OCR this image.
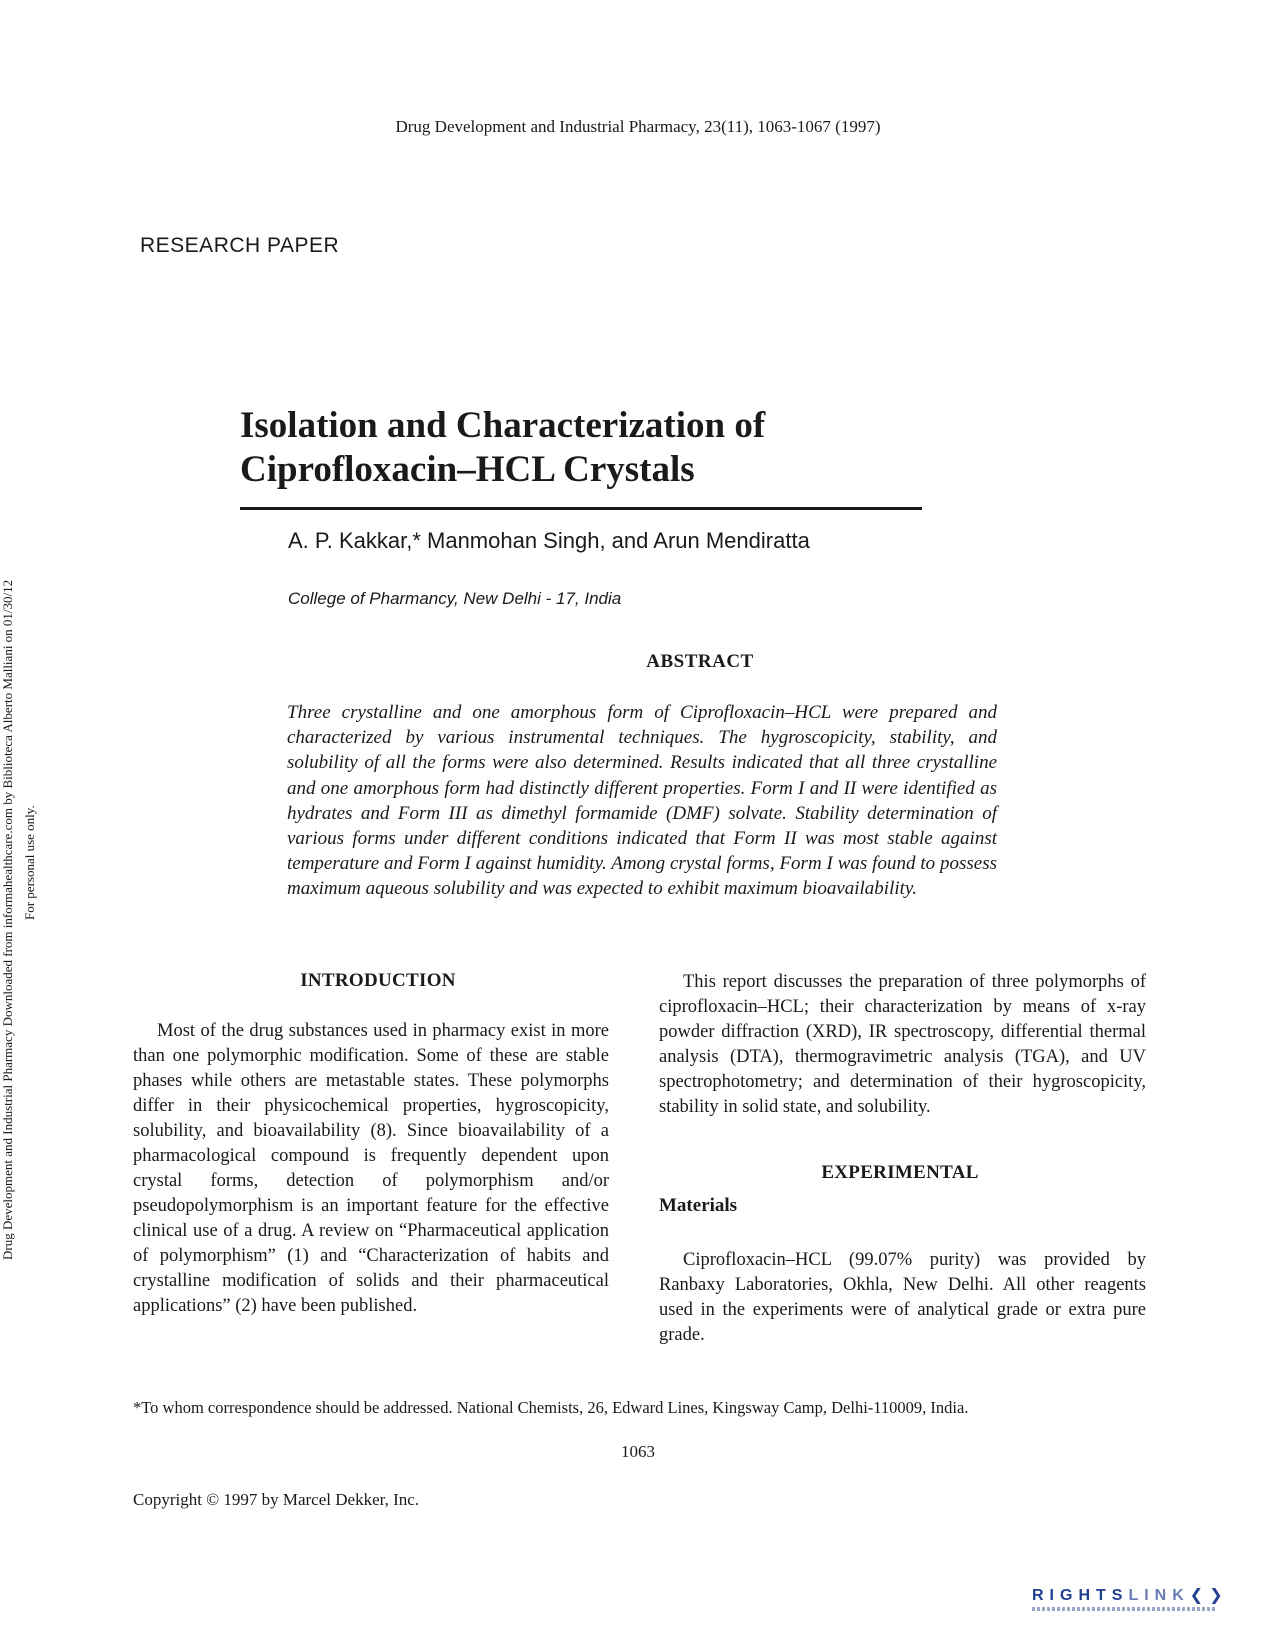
Drug Development and Industrial Pharmacy, 23(11), 1063-1067 (1997)
RESEARCH PAPER
Drug Development and Industrial Pharmacy Downloaded from informahealthcare.com by Biblioteca Alberto Malliani on 01/30/12 For personal use only.
Isolation and Characterization of
Ciprofloxacin–HCL Crystals
A. P. Kakkar,* Manmohan Singh, and Arun Mendiratta
College of Pharmancy, New Delhi - 17, India
ABSTRACT
Three crystalline and one amorphous form of Ciprofloxacin–HCL were prepared and characterized by various instrumental techniques. The hygroscopicity, stability, and solubility of all the forms were also determined. Results indicated that all three crystalline and one amorphous form had distinctly different properties. Form I and II were identified as hydrates and Form III as dimethyl formamide (DMF) solvate. Stability determination of various forms under different conditions indicated that Form II was most stable against temperature and Form I against humidity. Among crystal forms, Form I was found to possess maximum aqueous solubility and was expected to exhibit maximum bioavailability.
INTRODUCTION
Most of the drug substances used in pharmacy exist in more than one polymorphic modification. Some of these are stable phases while others are metastable states. These polymorphs differ in their physicochemical properties, hygroscopicity, solubility, and bioavailability (8). Since bioavailability of a pharmacological compound is frequently dependent upon crystal forms, detection of polymorphism and/or pseudopolymorphism is an important feature for the effective clinical use of a drug. A review on “Pharmaceutical application of polymorphism” (1) and “Characterization of habits and crystalline modification of solids and their pharmaceutical applications” (2) have been published.
This report discusses the preparation of three polymorphs of ciprofloxacin–HCL; their characterization by means of x-ray powder diffraction (XRD), IR spectroscopy, differential thermal analysis (DTA), thermogravimetric analysis (TGA), and UV spectrophotometry; and determination of their hygroscopicity, stability in solid state, and solubility.
EXPERIMENTAL
Materials
Ciprofloxacin–HCL (99.07% purity) was provided by Ranbaxy Laboratories, Okhla, New Delhi. All other reagents used in the experiments were of analytical grade or extra pure grade.
*To whom correspondence should be addressed. National Chemists, 26, Edward Lines, Kingsway Camp, Delhi-110009, India.
1063
Copyright © 1997 by Marcel Dekker, Inc.
RIGHTSLINK❮❯
